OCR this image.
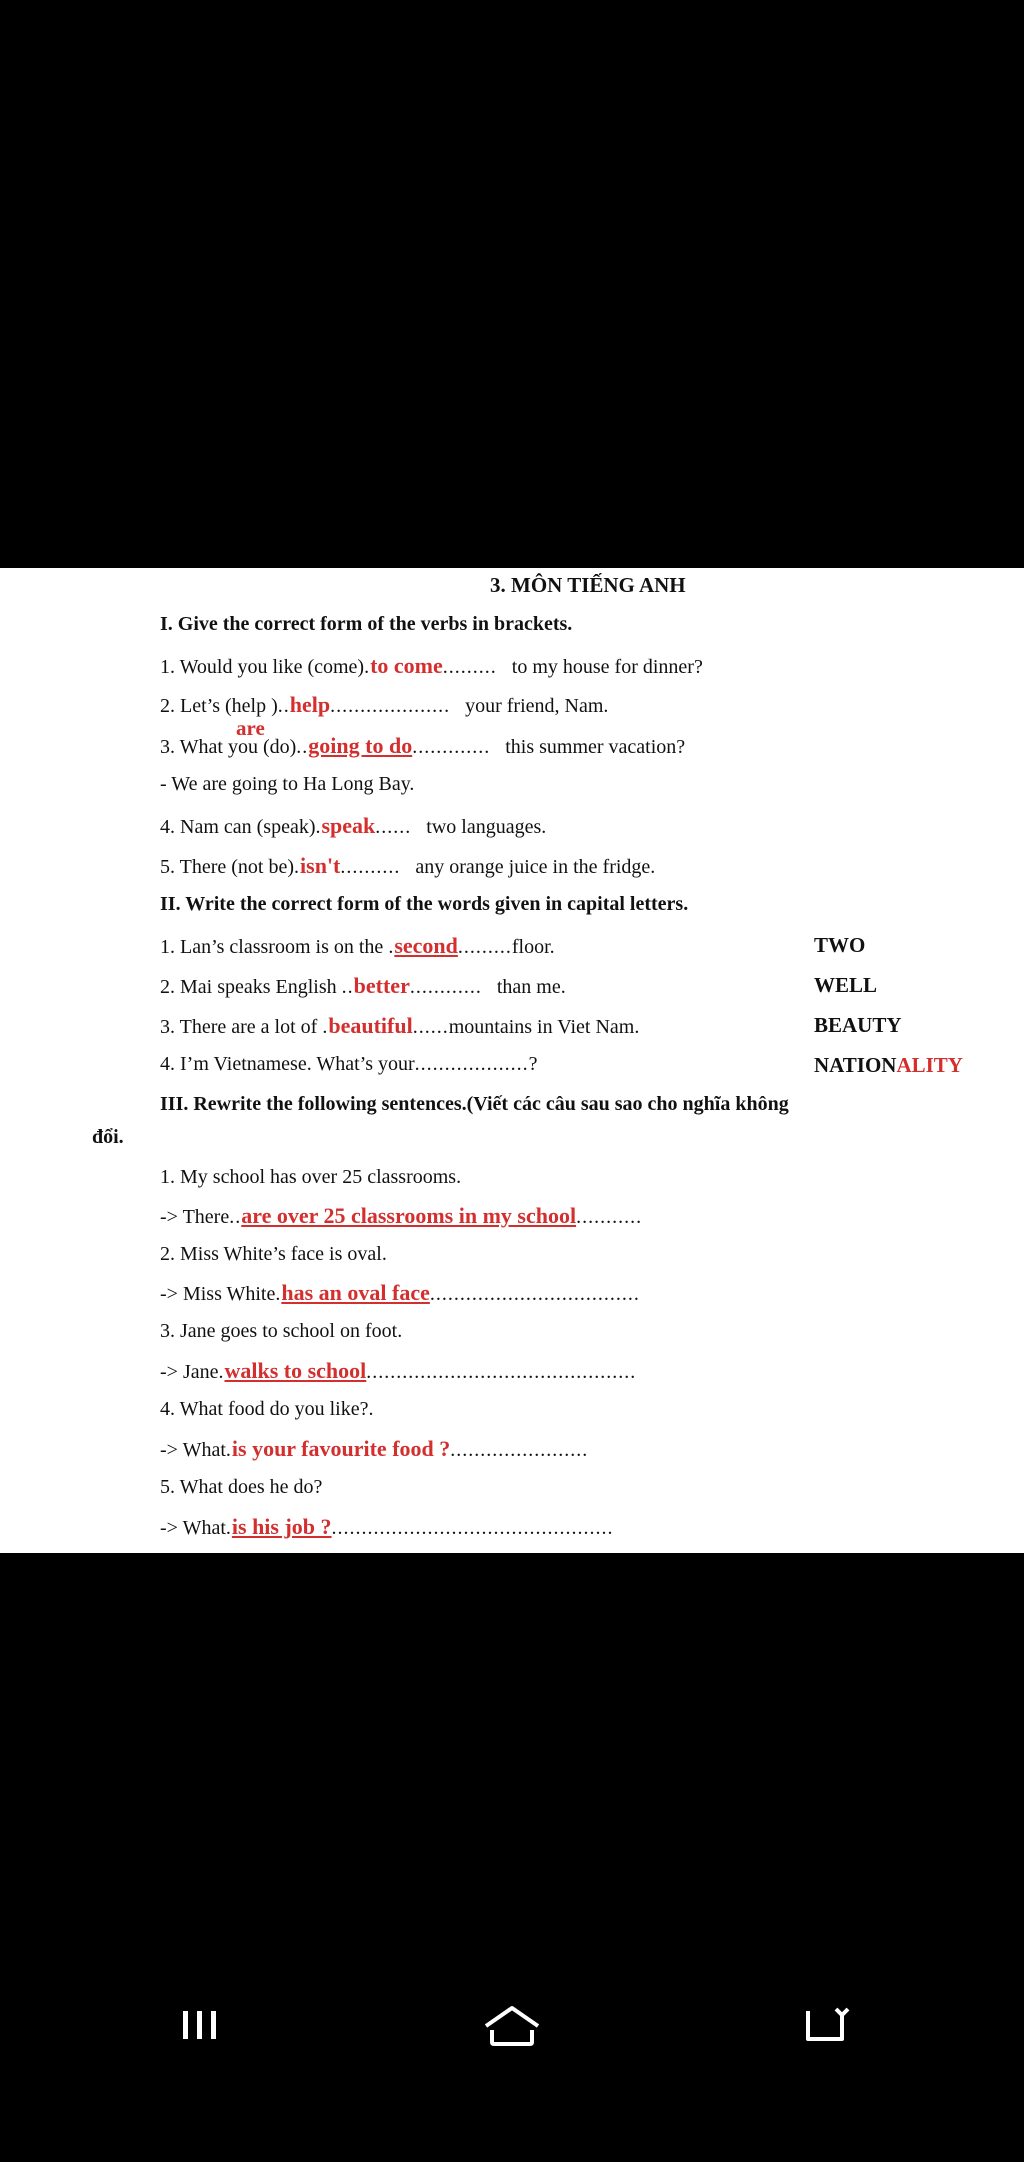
3. MÔN TIẾNG ANH
I. Give the correct form of the verbs in brackets.
1. Would you like (come).to come......... to my house for dinner?
2. Let’s (help )..help.................... your friend, Nam.
are
3. What you (do)..going to do............. this summer vacation?
- We are going to Ha Long Bay.
4. Nam can (speak).speak...... two languages.
5. There (not be).isn't.......... any orange juice in the fridge.
II. Write the correct form of the words given in capital letters.
1. Lan’s classroom is on the .second.........floor.	TWO
2. Mai speaks English ..better............ than me.	WELL
3. There are a lot of .beautiful......mountains in Viet Nam.	BEAUTY
4. I’m Vietnamese. What’s your...................?	NATIONALITY
III. Rewrite the following sentences.(Viết các câu sau sao cho nghĩa không
đổi.
1. My school has over 25 classrooms.
-> There..are over 25 classrooms in my school...........
2. Miss White’s face is oval.
-> Miss White.has an oval face...................................
3. Jane goes to school on foot.
-> Jane.walks to school.............................................
4. What food do you like?.
-> What.is your favourite food ?.......................
5. What does he do?
-> What.is his job ?...............................................
